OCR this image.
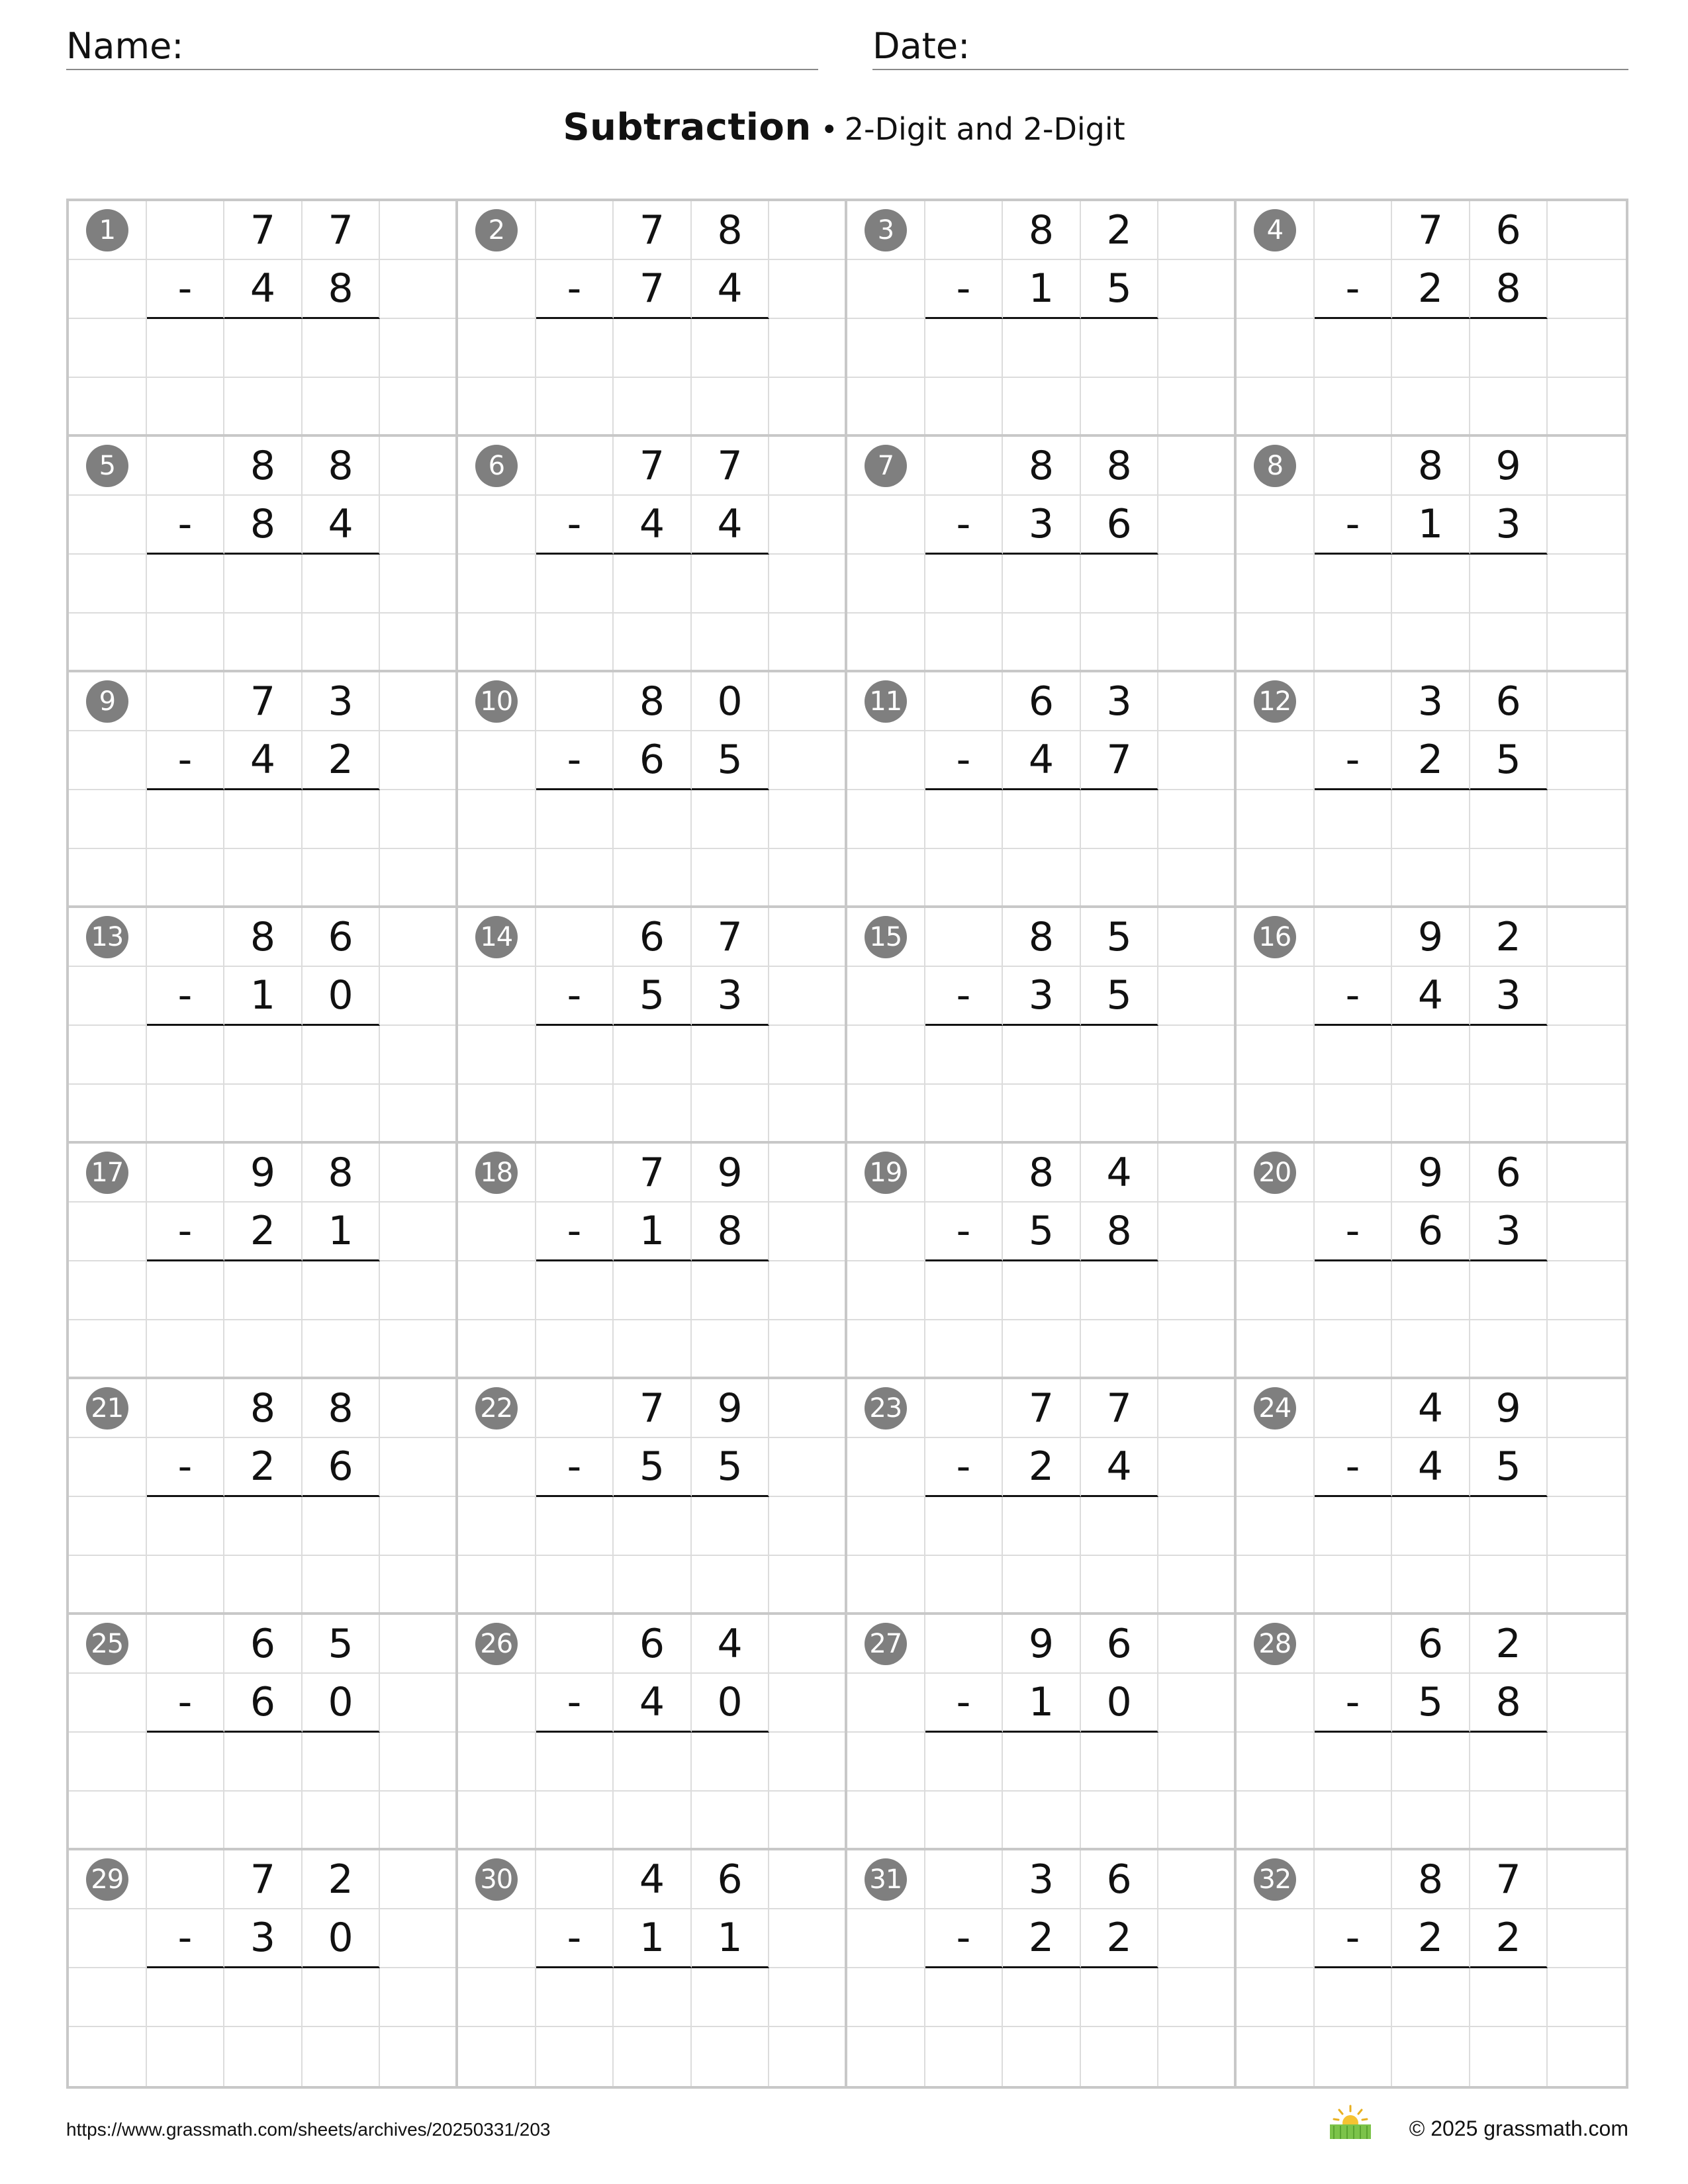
Name:	Date:
Subtraction • 2-Digit and 2-Digit
1	7	7
-	4	8
2	7	8
-	7	4
3	8	2
-	1	5
4	7	6
-	2	8
5	8	8
-	8	4
6	7	7
-	4	4
7	8	8
-	3	6
8	8	9
-	1	3
9	7	3
-	4	2
10	8	0
-	6	5
11	6	3
-	4	7
12	3	6
-	2	5
13	8	6
-	1	0
14	6	7
-	5	3
15	8	5
-	3	5
16	9	2
-	4	3
17	9	8
-	2	1
18	7	9
-	1	8
19	8	4
-	5	8
20	9	6
-	6	3
21	8	8
-	2	6
22	7	9
-	5	5
23	7	7
-	2	4
24	4	9
-	4	5
25	6	5
-	6	0
26	6	4
-	4	0
27	9	6
-	1	0
28	6	2
-	5	8
29	7	2
-	3	0
30	4	6
-	1	1
31	3	6
-	2	2
32	8	7
-	2	2
https://www.grassmath.com/sheets/archives/20250331/203	© 2025 grassmath.com
